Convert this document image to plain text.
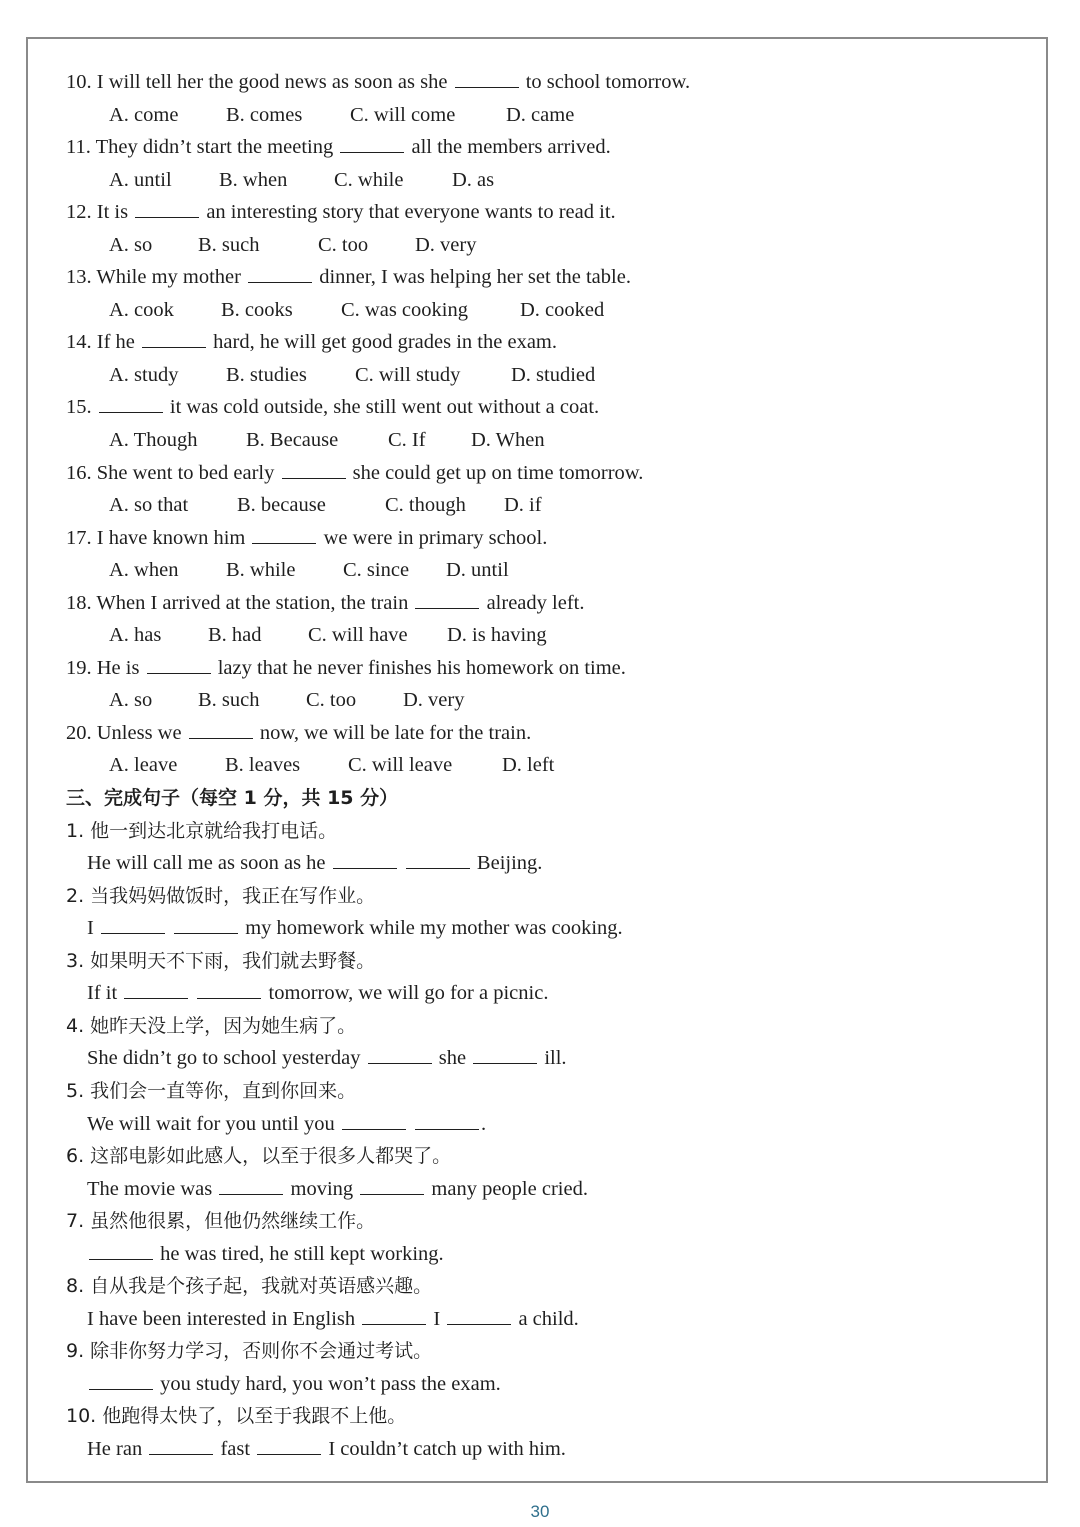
10. I will tell her the good news as soon as she	to school tomorrow.
A. come B. comes C. will come D. came
11. They didn’t start the meeting	all the members arrived.
A. until B. when C. while D. as
12. It is	an interesting story that everyone wants to read it.
A. so B. such	C. too D. very
13. While my mother	dinner, I was helping her set the table.
A. cook B. cooks C. was cooking	D. cooked
14. If he	hard, he will get good grades in the exam.
A. study B. studies C. will study D. studied
15.	it was cold outside, she still went out without a coat.
A. Though B. Because C. If D. When
16. She went to bed early	she could get up on time tomorrow.
A. so that B. because	C. though D. if
17. I have known him	we were in primary school.
A. when B. while C. since D. until
18. When I arrived at the station, the train	already left.
A. has B. had C. will have D. is having
19. He is	lazy that he never finishes his homework on time.
A. so B. such C. too D. very
20. Unless we	now, we will be late for the train.
A. leave B. leaves C. will leave D. left
三、完成句子（每空 1 分，共 15 分）
1. 他一到达北京就给我打电话。
He will call me as soon as he	Beijing.
2. 当我妈妈做饭时，我正在写作业。
I	my homework while my mother was cooking.
3. 如果明天不下雨，我们就去野餐。
If it	tomorrow, we will go for a picnic.
4. 她昨天没上学，因为她生病了。
She didn’t go to school yesterday	she	ill.
5. 我们会一直等你，直到你回来。
We will wait for you until you	.
6. 这部电影如此感人，以至于很多人都哭了。
The movie was	moving	many people cried.
7. 虽然他很累，但他仍然继续工作。
he was tired, he still kept working.
8. 自从我是个孩子起，我就对英语感兴趣。
I have been interested in English	I	a child.
9. 除非你努力学习，否则你不会通过考试。
you study hard, you won’t pass the exam.
10. 他跑得太快了，以至于我跟不上他。
He ran	fast	I couldn’t catch up with him.
30
